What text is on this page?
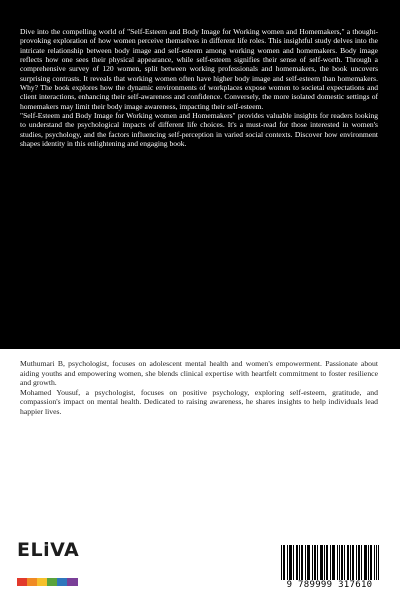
Dive into the compelling world of "Self-Esteem and Body Image for Working women and Homemakers," a thought-provoking exploration of how women perceive themselves in different life roles. This insightful study delves into the intricate relationship between body image and self-esteem among working women and homemakers. Body image reflects how one sees their physical appearance, while self-esteem signifies their sense of self-worth. Through a comprehensive survey of 120 women, split between working professionals and homemakers, the book uncovers surprising contrasts. It reveals that working women often have higher body image and self-esteem than homemakers. Why? The book explores how the dynamic environments of workplaces expose women to societal expectations and client interactions, enhancing their self-awareness and confidence. Conversely, the more isolated domestic settings of homemakers may limit their body image awareness, impacting their self-esteem.

"Self-Esteem and Body Image for Working women and Homemakers" provides valuable insights for readers looking to understand the psychological impacts of different life choices. It's a must-read for those interested in women's studies, psychology, and the factors influencing self-perception in varied social contexts. Discover how environment shapes identity in this enlightening and engaging book.

Muthumari B, psychologist, focuses on adolescent mental health and women's empowerment. Passionate about aiding youths and empowering women, she blends clinical expertise with heartfelt commitment to foster resilience and growth.

Mohamed Yousuf, a psychologist, focuses on positive psychology, exploring self-esteem, gratitude, and compassion's impact on mental health. Dedicated to raising awareness, he shares insights to help individuals lead happier lives.

ELiVA
9 789999 317610
